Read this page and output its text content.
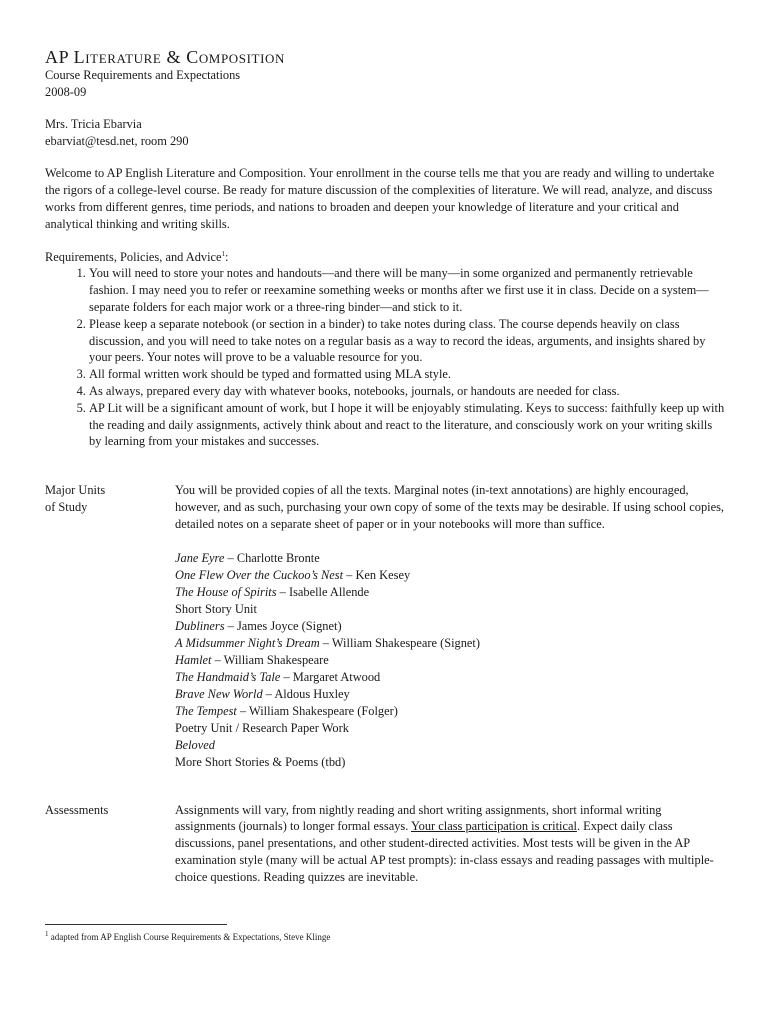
AP Literature & Composition
Course Requirements and Expectations
2008-09
Mrs. Tricia Ebarvia
ebarviat@tesd.net, room 290

Welcome to AP English Literature and Composition. Your enrollment in the course tells me that you are ready and willing to undertake the rigors of a college-level course. Be ready for mature discussion of the complexities of literature. We will read, analyze, and discuss works from different genres, time periods, and nations to broaden and deepen your knowledge of literature and your critical and analytical thinking and writing skills.

Requirements, Policies, and Advice$^1$:
1. You will need to store your notes and handouts—and there will be many—in some organized and permanently retrievable fashion. I may need you to refer or reexamine something weeks or months after we first use it in class. Decide on a system—separate folders for each major work or a three-ring binder—and stick to it.
2. Please keep a separate notebook (or section in a binder) to take notes during class. The course depends heavily on class discussion, and you will need to take notes on a regular basis as a way to record the ideas, arguments, and insights shared by your peers. Your notes will prove to be a valuable resource for you.
3. All formal written work should be typed and formatted using MLA style.
4. As always, prepared every day with whatever books, notebooks, journals, or handouts are needed for class.
5. AP Lit will be a significant amount of work, but I hope it will be enjoyably stimulating. Keys to success: faithfully keep up with the reading and daily assignments, actively think about and react to the literature, and consciously work on your writing skills by learning from your mistakes and successes.
Major Units
of Study

You will be provided copies of all the texts. Marginal notes (in-text annotations) are highly encouraged, however, and as such, purchasing your own copy of some of the texts may be desirable. If using school copies, detailed notes on a separate sheet of paper or in your notebooks will more than suffice.

Jane Eyre – Charlotte Bronte
One Flew Over the Cuckoo’s Nest – Ken Kesey
The House of Spirits – Isabelle Allende
Short Story Unit
Dubliners – James Joyce (Signet)
A Midsummer Night’s Dream – William Shakespeare (Signet)
Hamlet – William Shakespeare
The Handmaid’s Tale – Margaret Atwood
Brave New World – Aldous Huxley
The Tempest – William Shakespeare (Folger)
Poetry Unit / Research Paper Work
Beloved
More Short Stories & Poems (tbd)
Assessments	Assignments will vary, from nightly reading and short writing assignments, short informal writing assignments (journals) to longer formal essays. Your class participation is critical. Expect daily class discussions, panel presentations, and other student-directed activities. Most tests will be given in the AP examination style (many will be actual AP test prompts): in-class essays and reading passages with multiple-choice questions. Reading quizzes are inevitable.
$^1$ adapted from AP English Course Requirements & Expectations, Steve Klinge
